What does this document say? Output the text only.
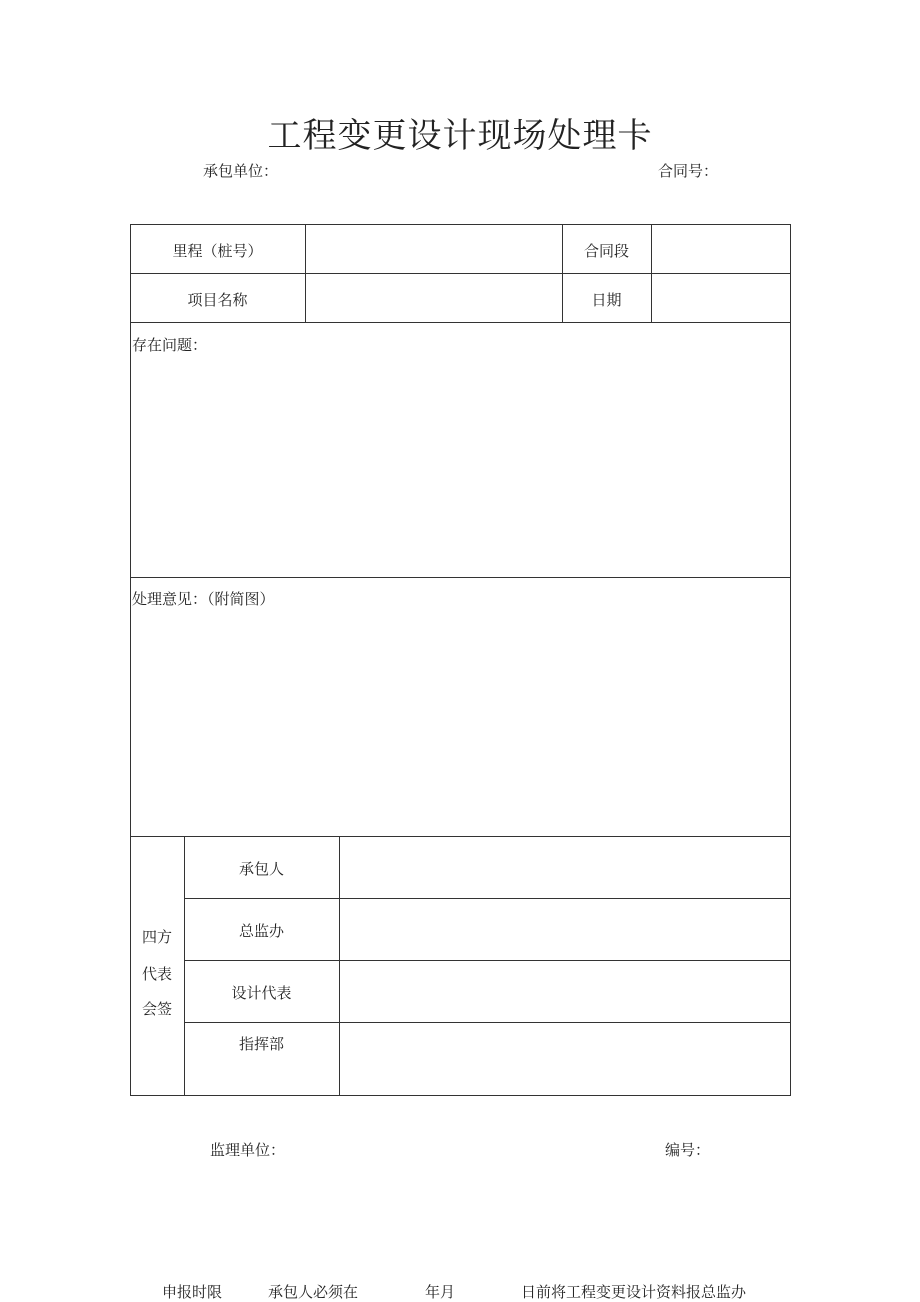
工程变更设计现场处理卡
承包单位：	合同号：
里程（桩号）	合同段
项目名称	日期
存在问题：
处理意见：（附简图）
四方
代表
会签
承包人
总监办
设计代表
指挥部
监理单位：	编号：
申报时限	承包人必须在	年月	日前将工程变更设计资料报总监办
